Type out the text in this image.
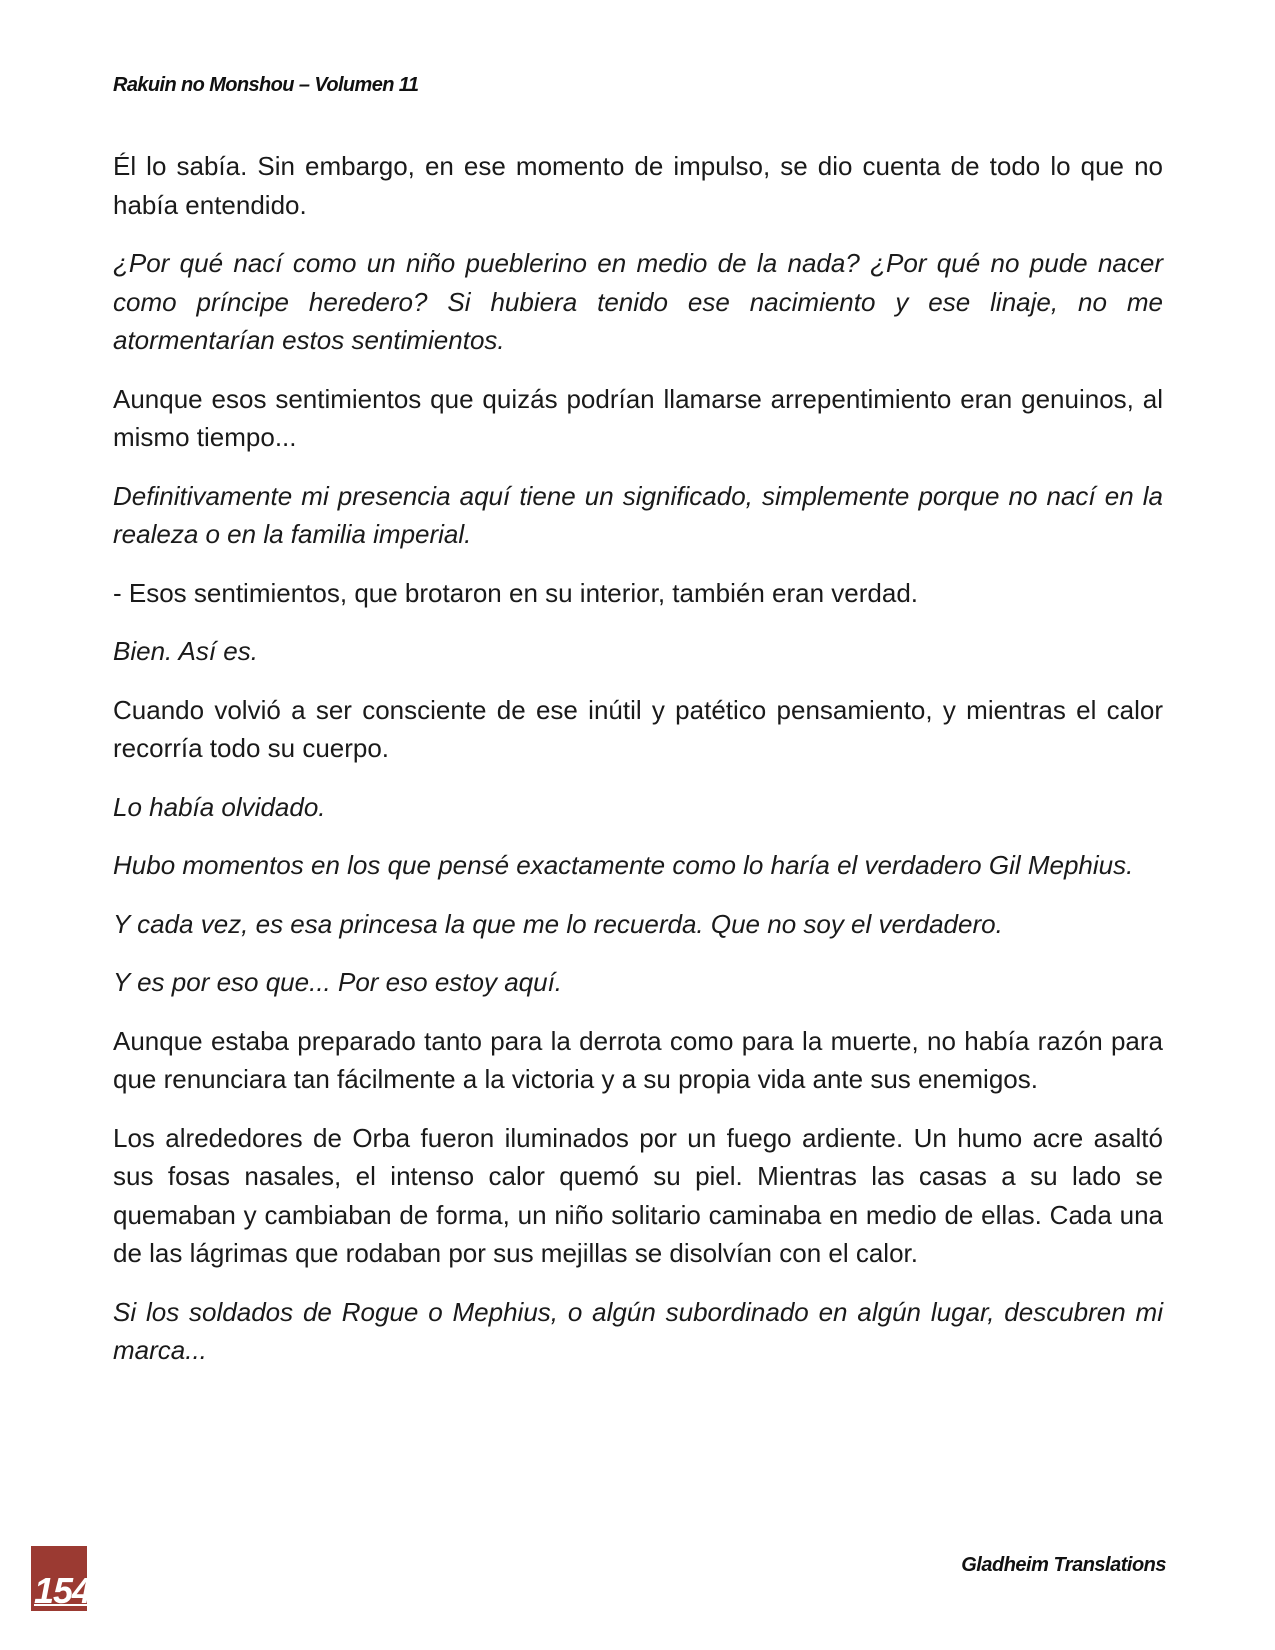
Rakuin no Monshou – Volumen 11

Él lo sabía. Sin embargo, en ese momento de impulso, se dio cuenta de todo lo que no había entendido.

¿Por qué nací como un niño pueblerino en medio de la nada? ¿Por qué no pude nacer como príncipe heredero? Si hubiera tenido ese nacimiento y ese linaje, no me atormentarían estos sentimientos.

Aunque esos sentimientos que quizás podrían llamarse arrepentimiento eran genuinos, al mismo tiempo...

Definitivamente mi presencia aquí tiene un significado, simplemente porque no nací en la realeza o en la familia imperial.

- Esos sentimientos, que brotaron en su interior, también eran verdad.

Bien. Así es.

Cuando volvió a ser consciente de ese inútil y patético pensamiento, y mientras el calor recorría todo su cuerpo.

Lo había olvidado.

Hubo momentos en los que pensé exactamente como lo haría el verdadero Gil Mephius.

Y cada vez, es esa princesa la que me lo recuerda. Que no soy el verdadero.

Y es por eso que... Por eso estoy aquí.

Aunque estaba preparado tanto para la derrota como para la muerte, no había razón para que renunciara tan fácilmente a la victoria y a su propia vida ante sus enemigos.

Los alrededores de Orba fueron iluminados por un fuego ardiente. Un humo acre asaltó sus fosas nasales, el intenso calor quemó su piel. Mientras las casas a su lado se quemaban y cambiaban de forma, un niño solitario caminaba en medio de ellas. Cada una de las lágrimas que rodaban por sus mejillas se disolvían con el calor.

Si los soldados de Rogue o Mephius, o algún subordinado en algún lugar, descubren mi marca...

154
Gladheim Translations
